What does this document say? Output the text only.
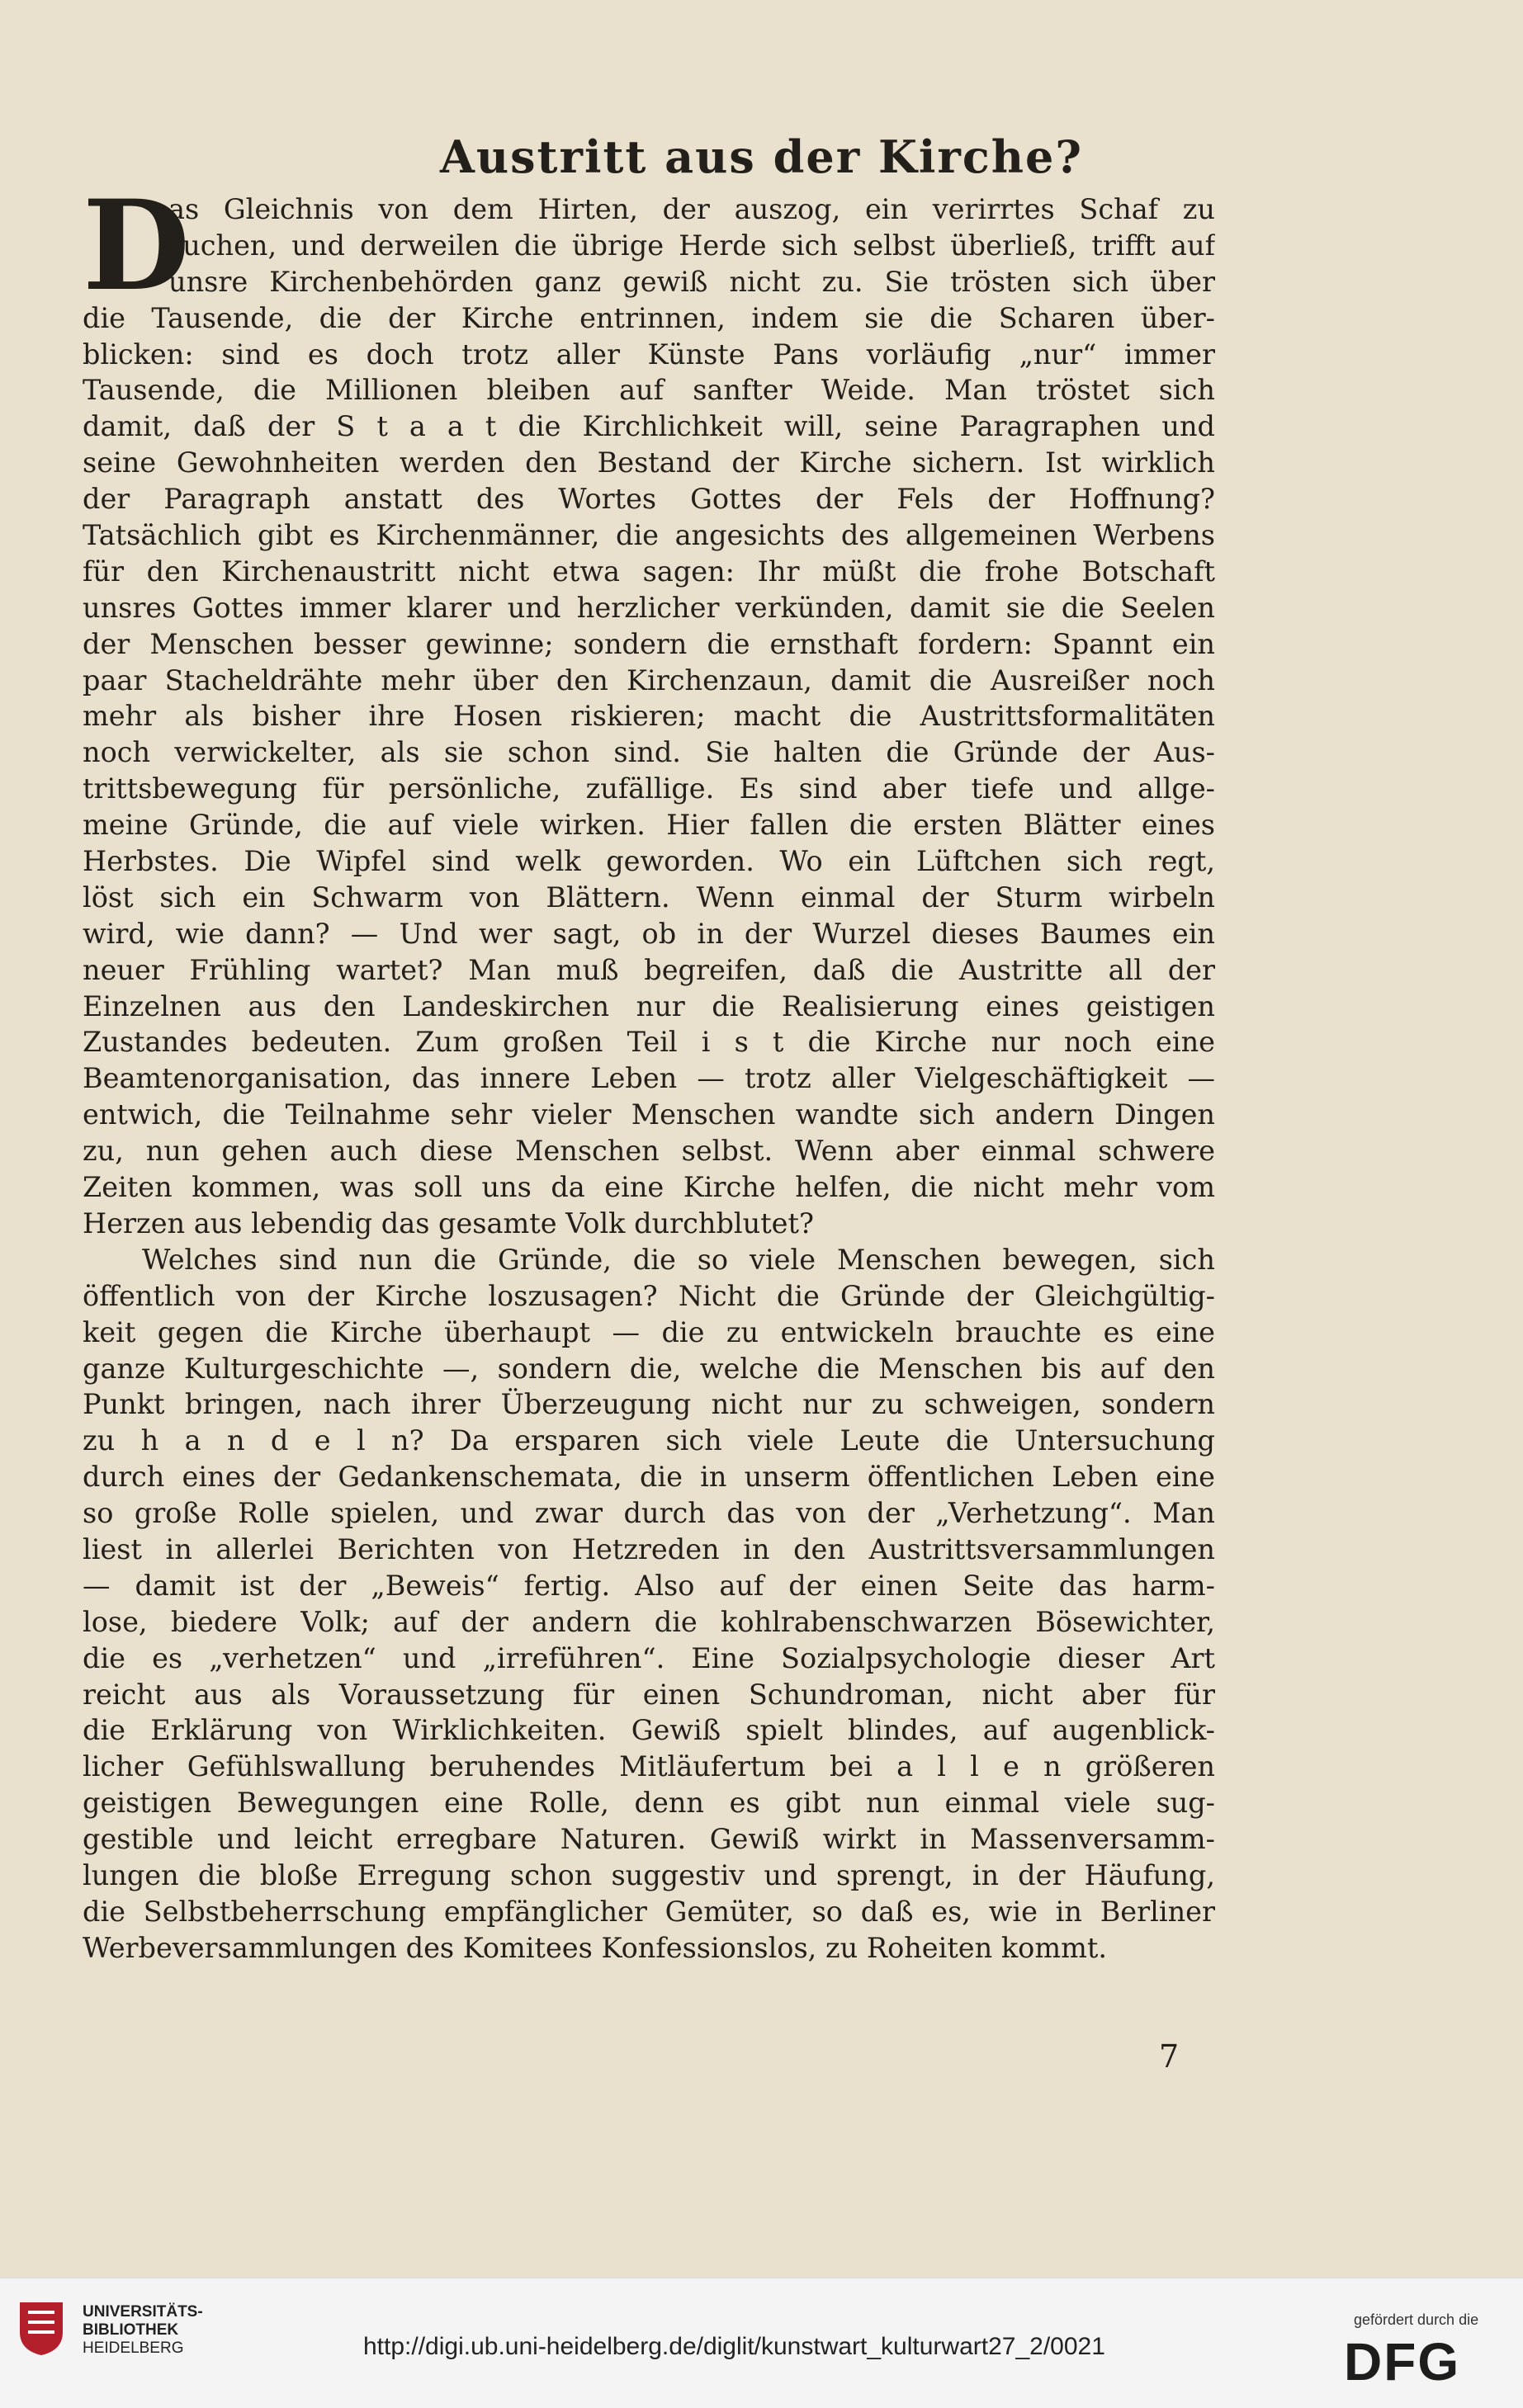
Austritt aus der Kirche?
D
as Gleichnis von dem Hirten, der auszog, ein verirrtes Schaf zu
suchen, und derweilen die übrige Herde sich selbst überließ, trifft auf
unsre Kirchenbehörden ganz gewiß nicht zu. Sie trösten sich über
die Tausende, die der Kirche entrinnen, indem sie die Scharen über-
blicken: sind es doch trotz aller Künste Pans vorläufig „nur“ immer
Tausende, die Millionen bleiben auf sanfter Weide. Man tröstet sich
damit, daß der S t a a t die Kirchlichkeit will, seine Paragraphen und
seine Gewohnheiten werden den Bestand der Kirche sichern. Ist wirklich
der Paragraph anstatt des Wortes Gottes der Fels der Hoffnung?
Tatsächlich gibt es Kirchenmänner, die angesichts des allgemeinen Werbens
für den Kirchenaustritt nicht etwa sagen: Ihr müßt die frohe Botschaft
unsres Gottes immer klarer und herzlicher verkünden, damit sie die Seelen
der Menschen besser gewinne; sondern die ernsthaft fordern: Spannt ein
paar Stacheldrähte mehr über den Kirchenzaun, damit die Ausreißer noch
mehr als bisher ihre Hosen riskieren; macht die Austrittsformalitäten
noch verwickelter, als sie schon sind. Sie halten die Gründe der Aus-
trittsbewegung für persönliche, zufällige. Es sind aber tiefe und allge-
meine Gründe, die auf viele wirken. Hier fallen die ersten Blätter eines
Herbstes. Die Wipfel sind welk geworden. Wo ein Lüftchen sich regt,
löst sich ein Schwarm von Blättern. Wenn einmal der Sturm wirbeln
wird, wie dann? — Und wer sagt, ob in der Wurzel dieses Baumes ein
neuer Frühling wartet? Man muß begreifen, daß die Austritte all der
Einzelnen aus den Landeskirchen nur die Realisierung eines geistigen
Zustandes bedeuten. Zum großen Teil i s t die Kirche nur noch eine
Beamtenorganisation, das innere Leben — trotz aller Vielgeschäftigkeit —
entwich, die Teilnahme sehr vieler Menschen wandte sich andern Dingen
zu, nun gehen auch diese Menschen selbst. Wenn aber einmal schwere
Zeiten kommen, was soll uns da eine Kirche helfen, die nicht mehr vom
Herzen aus lebendig das gesamte Volk durchblutet?
Welches sind nun die Gründe, die so viele Menschen bewegen, sich
öffentlich von der Kirche loszusagen? Nicht die Gründe der Gleichgültig-
keit gegen die Kirche überhaupt — die zu entwickeln brauchte es eine
ganze Kulturgeschichte —, sondern die, welche die Menschen bis auf den
Punkt bringen, nach ihrer Überzeugung nicht nur zu schweigen, sondern
zu h a n d e l n? Da ersparen sich viele Leute die Untersuchung
durch eines der Gedankenschemata, die in unserm öffentlichen Leben eine
so große Rolle spielen, und zwar durch das von der „Verhetzung“. Man
liest in allerlei Berichten von Hetzreden in den Austrittsversammlungen
— damit ist der „Beweis“ fertig. Also auf der einen Seite das harm-
lose, biedere Volk; auf der andern die kohlrabenschwarzen Bösewichter,
die es „verhetzen“ und „irreführen“. Eine Sozialpsychologie dieser Art
reicht aus als Voraussetzung für einen Schundroman, nicht aber für
die Erklärung von Wirklichkeiten. Gewiß spielt blindes, auf augenblick-
licher Gefühlswallung beruhendes Mitläufertum bei a l l e n größeren
geistigen Bewegungen eine Rolle, denn es gibt nun einmal viele sug-
gestible und leicht erregbare Naturen. Gewiß wirkt in Massenversamm-
lungen die bloße Erregung schon suggestiv und sprengt, in der Häufung,
die Selbstbeherrschung empfänglicher Gemüter, so daß es, wie in Berliner
Werbeversammlungen des Komitees Konfessionslos, zu Roheiten kommt.
7
UNIVERSITÄTS-
BIBLIOTHEK
HEIDELBERG	http://digi.ub.uni-heidelberg.de/diglit/kunstwart_kulturwart27_2/0021
gefördert durch die
DFG
